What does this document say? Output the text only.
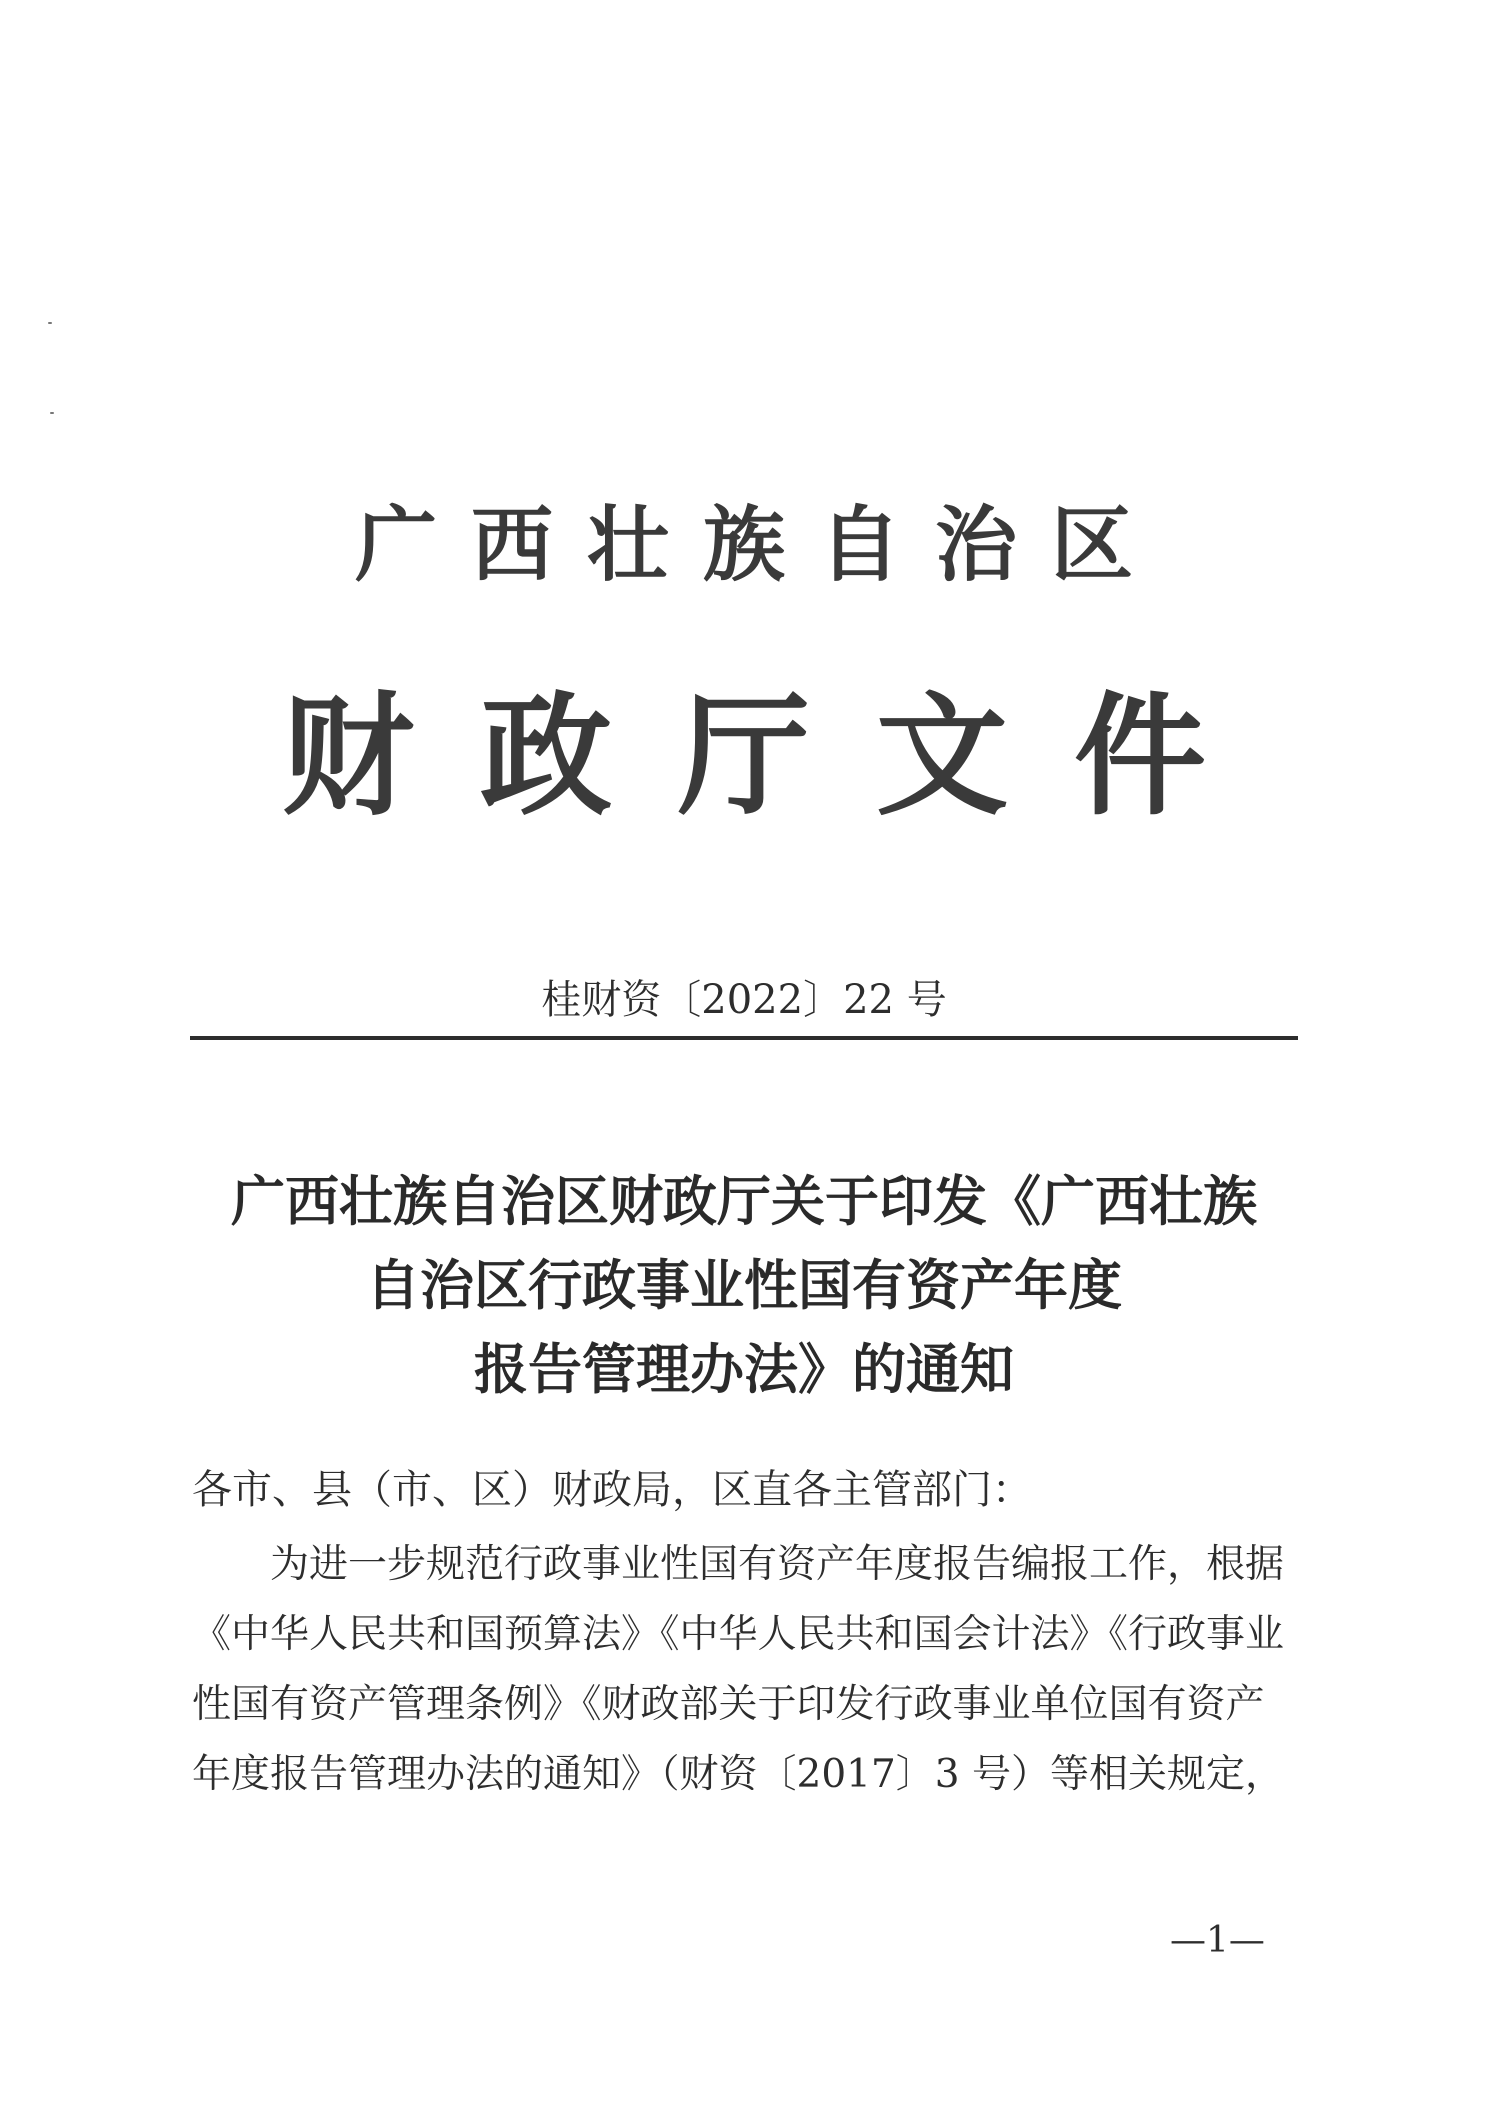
广西壮族自治区
财政厅文件
桂财资〔2022〕22 号
广西壮族自治区财政厅关于印发《广西壮族
自治区行政事业性国有资产年度
报告管理办法》的通知
各市、县（市、区）财政局，区直各主管部门：
　　为进一步规范行政事业性国有资产年度报告编报工作，根据
《中华人民共和国预算法》《中华人民共和国会计法》《行政事业
性国有资产管理条例》《财政部关于印发行政事业单位国有资产
年度报告管理办法的通知》（财资〔2017〕3 号）等相关规定，
—1—
